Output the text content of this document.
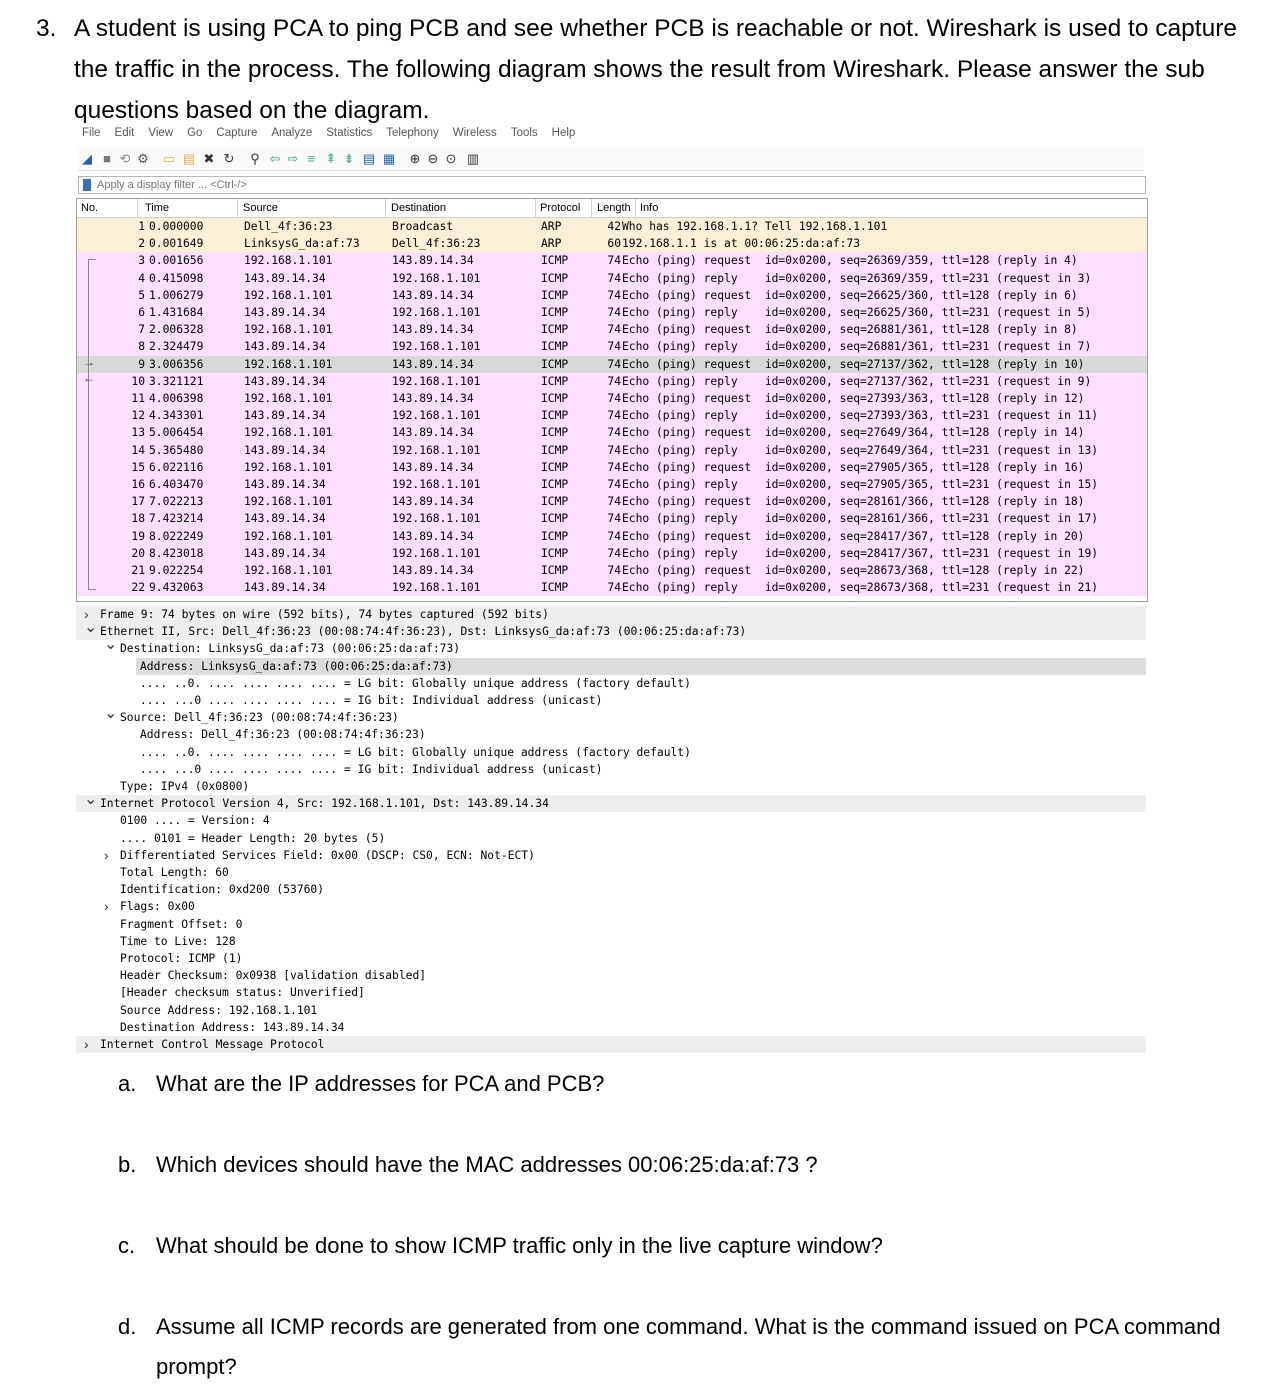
3. A student is using PCA to ping PCB and see whether PCB is reachable or not. Wireshark is used to capture the traffic in the process. The following diagram shows the result from Wireshark. Please answer the sub questions based on the diagram.
File Edit View Go Capture Analyze Statistics Telephony Wireless Tools Help
◢ ■ ⟲ ⚙ ▭ ▤ ✖ ↻ ⚲ ⇦ ⇨ ≡ ⇞ ⇟ ▤ ▦ ⊕ ⊖ ⊙ ▥
Apply a display filter ... <Ctrl-/>
No.	Time	Source	Destination	Protocol Length Info
1 0.000000	Dell_4f:36:23	Broadcast	ARP	42 Who has 192.168.1.1? Tell 192.168.1.101
2 0.001649	LinksysG_da:af:73	Dell_4f:36:23	ARP	60 192.168.1.1 is at 00:06:25:da:af:73
3 0.001656	192.168.1.101	143.89.14.34	ICMP	74 Echo (ping) request  id=0x0200, seq=26369/359, ttl=128 (reply in 4)
4 0.415098	143.89.14.34	192.168.1.101	ICMP	74 Echo (ping) reply    id=0x0200, seq=26369/359, ttl=231 (request in 3)
5 1.006279	192.168.1.101	143.89.14.34	ICMP	74 Echo (ping) request  id=0x0200, seq=26625/360, ttl=128 (reply in 6)
6 1.431684	143.89.14.34	192.168.1.101	ICMP	74 Echo (ping) reply    id=0x0200, seq=26625/360, ttl=231 (request in 5)
7 2.006328	192.168.1.101	143.89.14.34	ICMP	74 Echo (ping) request  id=0x0200, seq=26881/361, ttl=128 (reply in 8)
8 2.324479	143.89.14.34	192.168.1.101	ICMP	74 Echo (ping) reply    id=0x0200, seq=26881/361, ttl=231 (request in 7)
9 3.006356	192.168.1.101	143.89.14.34	ICMP	74 Echo (ping) request  id=0x0200, seq=27137/362, ttl=128 (reply in 10)
10 3.321121	143.89.14.34	192.168.1.101	ICMP	74 Echo (ping) reply    id=0x0200, seq=27137/362, ttl=231 (request in 9)
11 4.006398	192.168.1.101	143.89.14.34	ICMP	74 Echo (ping) request  id=0x0200, seq=27393/363, ttl=128 (reply in 12)
12 4.343301	143.89.14.34	192.168.1.101	ICMP	74 Echo (ping) reply    id=0x0200, seq=27393/363, ttl=231 (request in 11)
13 5.006454	192.168.1.101	143.89.14.34	ICMP	74 Echo (ping) request  id=0x0200, seq=27649/364, ttl=128 (reply in 14)
14 5.365480	143.89.14.34	192.168.1.101	ICMP	74 Echo (ping) reply    id=0x0200, seq=27649/364, ttl=231 (request in 13)
15 6.022116	192.168.1.101	143.89.14.34	ICMP	74 Echo (ping) request  id=0x0200, seq=27905/365, ttl=128 (reply in 16)
16 6.403470	143.89.14.34	192.168.1.101	ICMP	74 Echo (ping) reply    id=0x0200, seq=27905/365, ttl=231 (request in 15)
17 7.022213	192.168.1.101	143.89.14.34	ICMP	74 Echo (ping) request  id=0x0200, seq=28161/366, ttl=128 (reply in 18)
18 7.423214	143.89.14.34	192.168.1.101	ICMP	74 Echo (ping) reply    id=0x0200, seq=28161/366, ttl=231 (request in 17)
19 8.022249	192.168.1.101	143.89.14.34	ICMP	74 Echo (ping) request  id=0x0200, seq=28417/367, ttl=128 (reply in 20)
20 8.423018	143.89.14.34	192.168.1.101	ICMP	74 Echo (ping) reply    id=0x0200, seq=28417/367, ttl=231 (request in 19)
21 9.022254	192.168.1.101	143.89.14.34	ICMP	74 Echo (ping) request  id=0x0200, seq=28673/368, ttl=128 (reply in 22)
22 9.432063	143.89.14.34	192.168.1.101	ICMP	74 Echo (ping) reply    id=0x0200, seq=28673/368, ttl=231 (request in 21)
→
←
› Frame 9: 74 bytes on wire (592 bits), 74 bytes captured (592 bits)
⌄ Ethernet II, Src: Dell_4f:36:23 (00:08:74:4f:36:23), Dst: LinksysG_da:af:73 (00:06:25:da:af:73)
⌄ Destination: LinksysG_da:af:73 (00:06:25:da:af:73)
Address: LinksysG_da:af:73 (00:06:25:da:af:73)
.... ..0. .... .... .... .... = LG bit: Globally unique address (factory default)
.... ...0 .... .... .... .... = IG bit: Individual address (unicast)
⌄ Source: Dell_4f:36:23 (00:08:74:4f:36:23)
Address: Dell_4f:36:23 (00:08:74:4f:36:23)
.... ..0. .... .... .... .... = LG bit: Globally unique address (factory default)
.... ...0 .... .... .... .... = IG bit: Individual address (unicast)
Type: IPv4 (0x0800)
⌄ Internet Protocol Version 4, Src: 192.168.1.101, Dst: 143.89.14.34
0100 .... = Version: 4
.... 0101 = Header Length: 20 bytes (5)
› Differentiated Services Field: 0x00 (DSCP: CS0, ECN: Not-ECT)
Total Length: 60
Identification: 0xd200 (53760)
› Flags: 0x00
Fragment Offset: 0
Time to Live: 128
Protocol: ICMP (1)
Header Checksum: 0x0938 [validation disabled]
[Header checksum status: Unverified]
Source Address: 192.168.1.101
Destination Address: 143.89.14.34
› Internet Control Message Protocol
a. What are the IP addresses for PCA and PCB?
b. Which devices should have the MAC addresses 00:06:25:da:af:73 ?
c. What should be done to show ICMP traffic only in the live capture window?
d. Assume all ICMP records are generated from one command. What is the command issued on PCA command prompt?
